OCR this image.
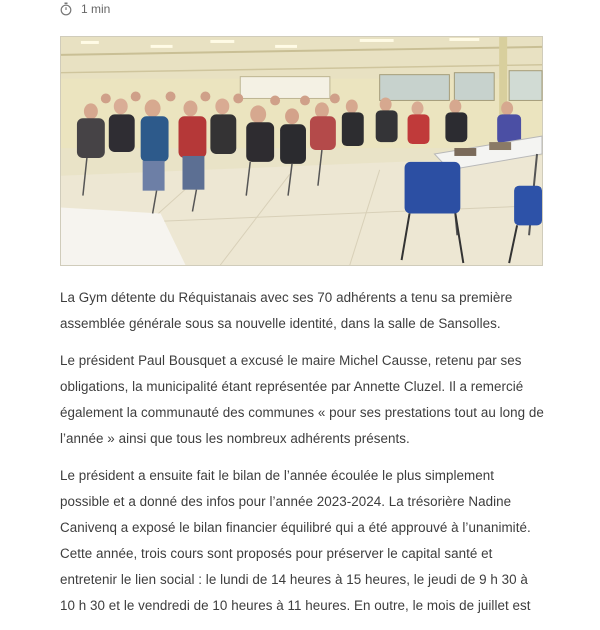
1 min

La Gym détente du Réquistanais avec ses 70 adhérents a tenu sa première
assemblée générale sous sa nouvelle identité, dans la salle de Sansolles.

Le président Paul Bousquet a excusé le maire Michel Causse, retenu par ses
obligations, la municipalité étant représentée par Annette Cluzel. Il a remercié
également la communauté des communes « pour ses prestations tout au long de
l’année » ainsi que tous les nombreux adhérents présents.

Le président a ensuite fait le bilan de l’année écoulée le plus simplement
possible et a donné des infos pour l’année 2023-2024. La trésorière Nadine
Canivenq a exposé le bilan financier équilibré qui a été approuvé à l’unanimité.
Cette année, trois cours sont proposés pour préserver le capital santé et
entretenir le lien social : le lundi de 14 heures à 15 heures, le jeudi de 9 h 30 à
10 h 30 et le vendredi de 10 heures à 11 heures. En outre, le mois de juillet est
